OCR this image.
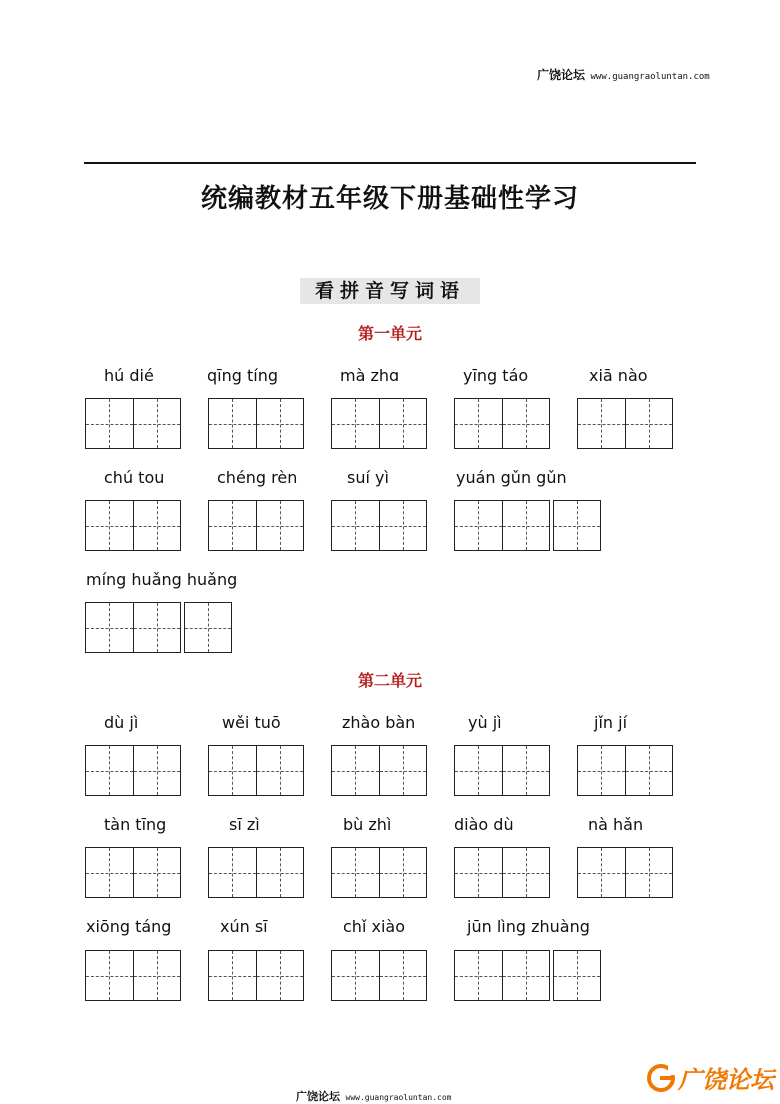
广饶论坛 www.guangraoluntan.com
统编教材五年级下册基础性学习
看拼音写词语
第一单元
hú dié	qīng tíng	mà zhɑ	yīng táo	xiā nào
chú tou	chéng rèn	suí yì	yuán gǔn gǔn
míng huǎng huǎng
第二单元
dù jì	wěi tuō	zhào bàn	yù jì	jǐn jí
tàn tīng	sī zì	bù zhì	diào dù	nà hǎn
xiōng táng	xún sī	chǐ xiào	jūn lìng zhuàng
广饶论坛 www.guangraoluntan.com
广饶论坛
